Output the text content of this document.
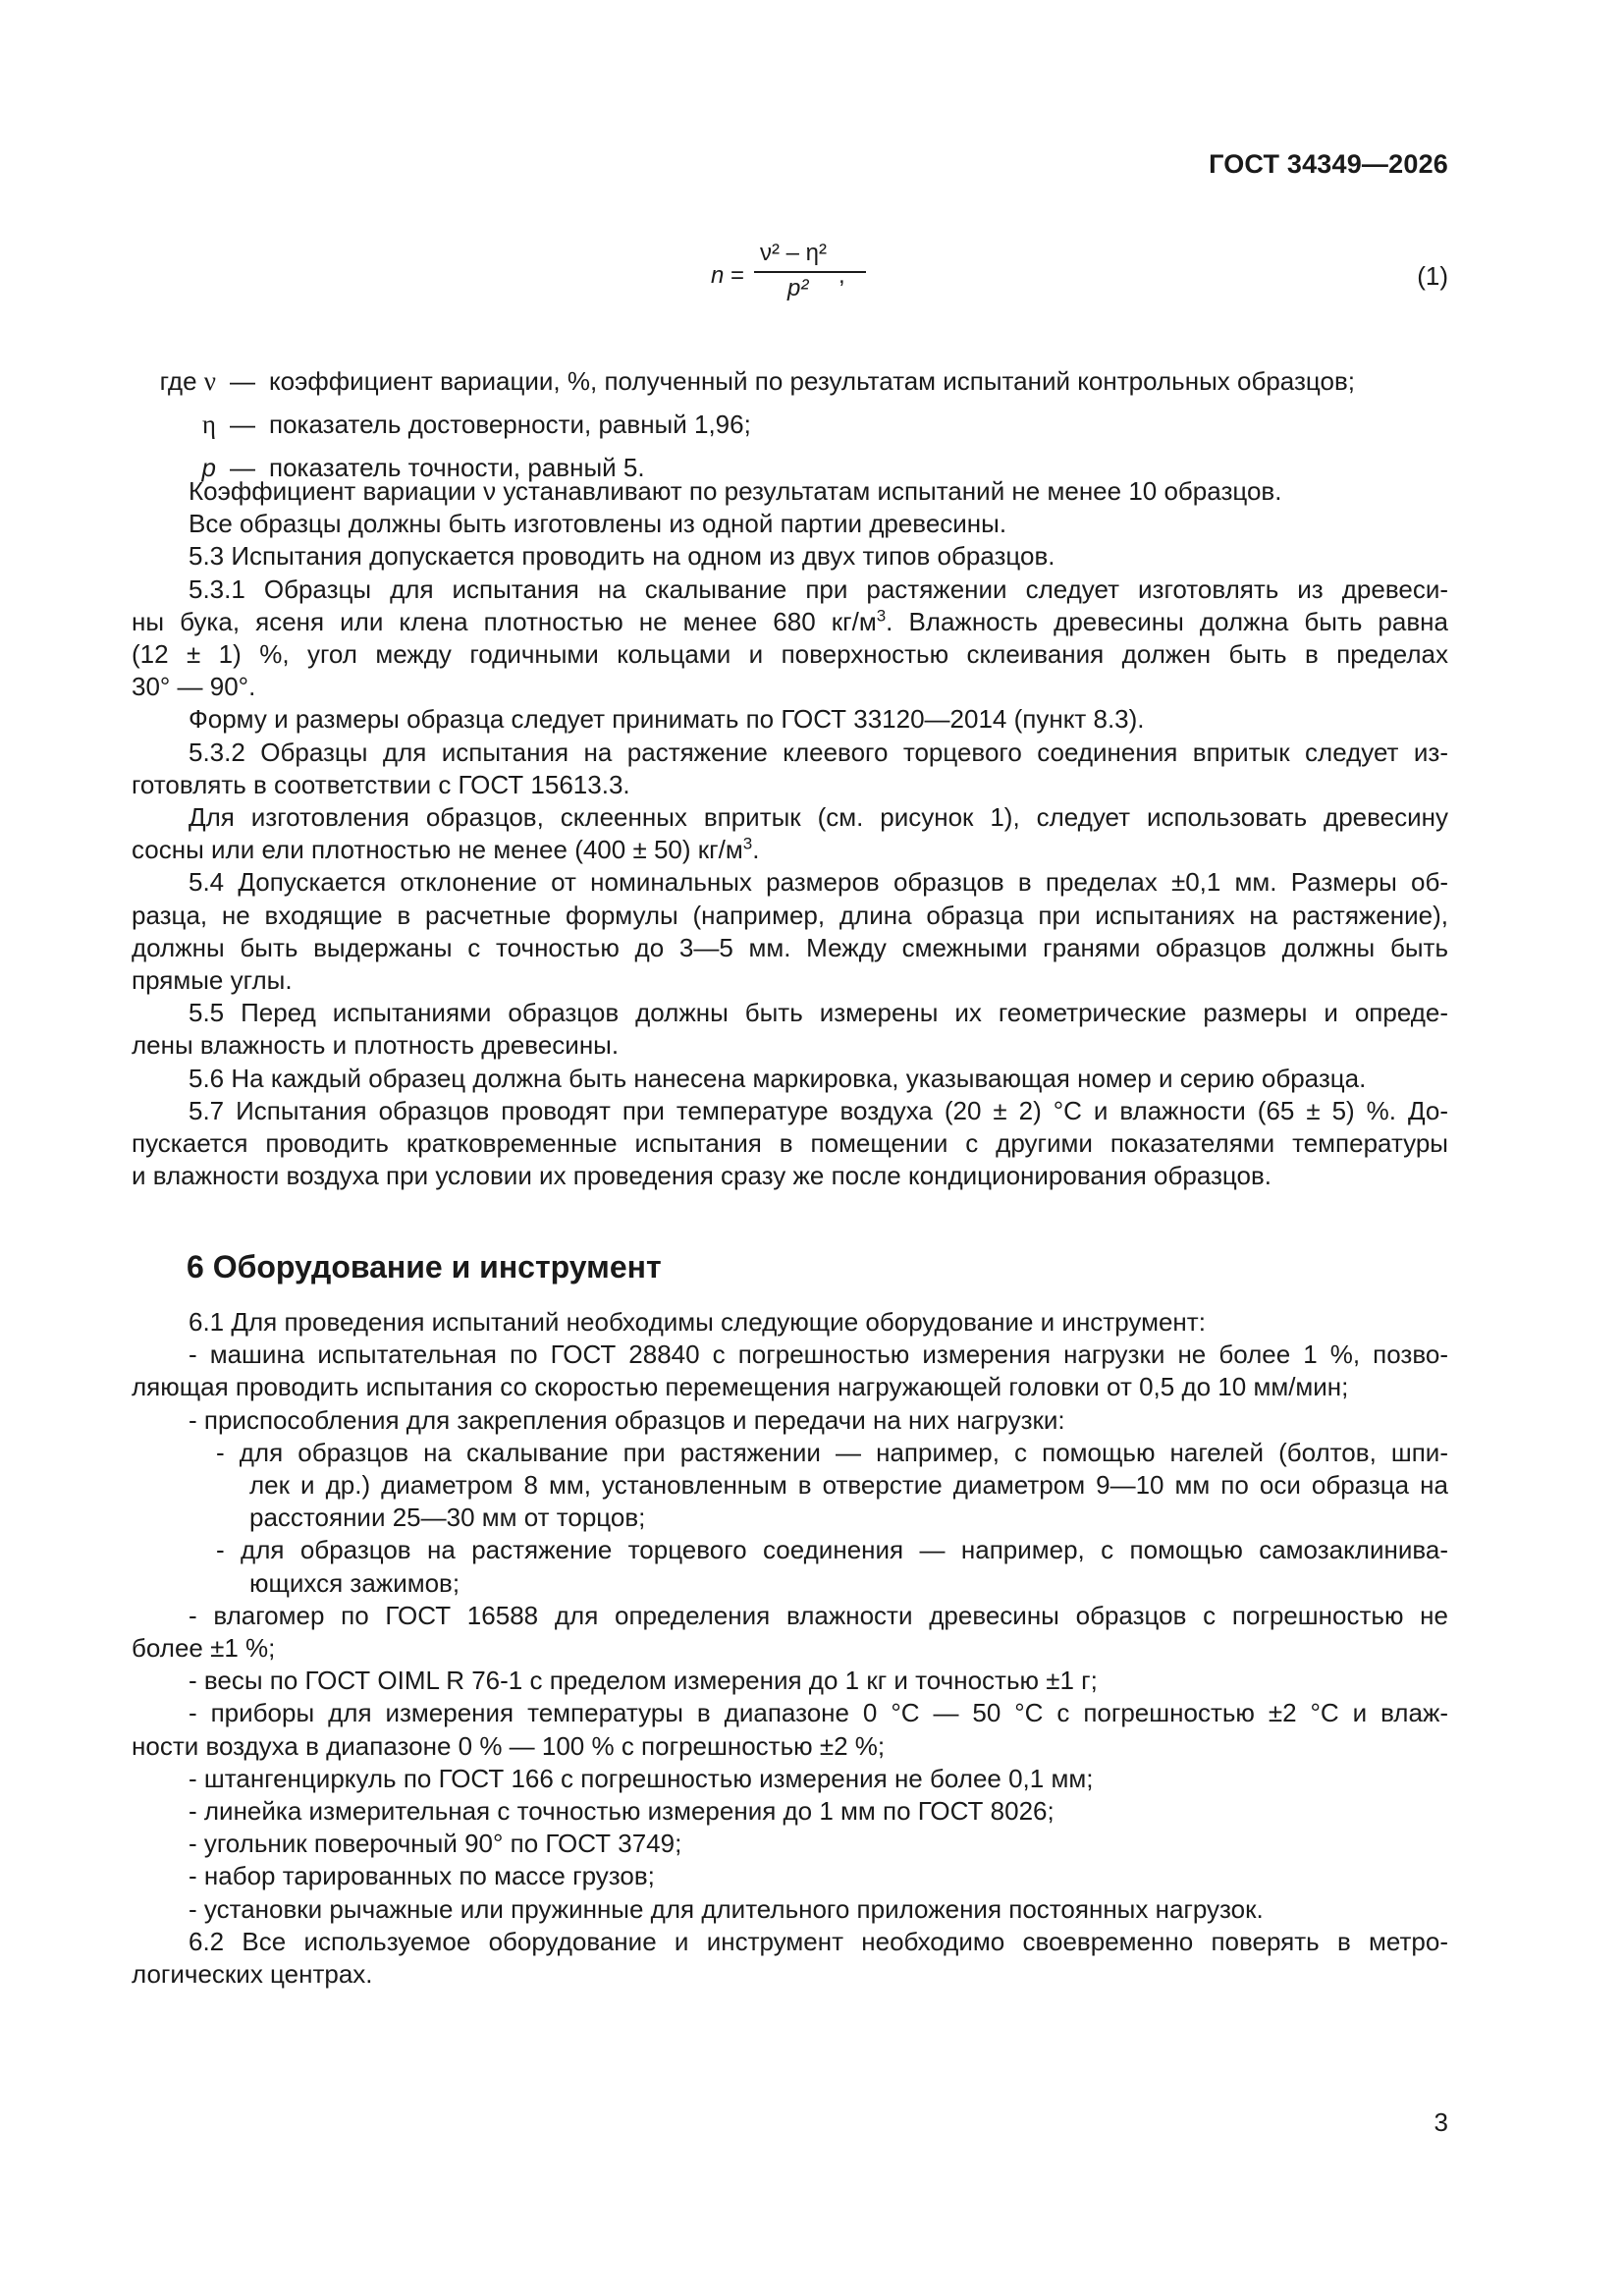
ГОСТ 34349—2026
n =
ν² – η²
p² ,	(1)
где ν — коэффициент вариации, %, полученный по результатам испытаний контрольных образцов;
η — показатель достоверности, равный 1,96;
p — показатель точности, равный 5.

Коэффициент вариации ν устанавливают по результатам испытаний не менее 10 образцов.

Все образцы должны быть изготовлены из одной партии древесины.

5.3 Испытания допускается проводить на одном из двух типов образцов.

5.3.1 Образцы для испытания на скалывание при растяжении следует изготовлять из древеси-

ны бука, ясеня или клена плотностью не менее 680 $кг/м^3$. Влажность древесины должна быть равна

(12 ± 1) %, угол между годичными кольцами и поверхностью склеивания должен быть в пределах

30° — 90°.

Форму и размеры образца следует принимать по ГОСТ 33120—2014 (пункт 8.3).

5.3.2 Образцы для испытания на растяжение клеевого торцевого соединения впритык следует из-

готовлять в соответствии с ГОСТ 15613.3.

Для изготовления образцов, склеенных впритык (см. рисунок 1), следует использовать древесину

сосны или ели плотностью не менее (400 ± 50) $кг/м^3$.

5.4 Допускается отклонение от номинальных размеров образцов в пределах ±0,1 мм. Размеры об-

разца, не входящие в расчетные формулы (например, длина образца при испытаниях на растяжение),

должны быть выдержаны с точностью до 3—5 мм. Между смежными гранями образцов должны быть

прямые углы.

5.5 Перед испытаниями образцов должны быть измерены их геометрические размеры и опреде-

лены влажность и плотность древесины.

5.6 На каждый образец должна быть нанесена маркировка, указывающая номер и серию образца.

5.7 Испытания образцов проводят при температуре воздуха (20 ± 2) °С и влажности (65 ± 5) %. До-

пускается проводить кратковременные испытания в помещении с другими показателями температуры

и влажности воздуха при условии их проведения сразу же после кондиционирования образцов.

6 Оборудование и инструмент

6.1 Для проведения испытаний необходимы следующие оборудование и инструмент:

- машина испытательная по ГОСТ 28840 с погрешностью измерения нагрузки не более 1 %, позво-

ляющая проводить испытания со скоростью перемещения нагружающей головки от 0,5 до 10 мм/мин;

- приспособления для закрепления образцов и передачи на них нагрузки:

- для образцов на скалывание при растяжении — например, с помощью нагелей (болтов, шпи-

лек и др.) диаметром 8 мм, установленным в отверстие диаметром 9—10 мм по оси образца на

расстоянии 25—30 мм от торцов;

- для образцов на растяжение торцевого соединения — например, с помощью самозаклинива-

ющихся зажимов;

- влагомер по ГОСТ 16588 для определения влажности древесины образцов с погрешностью не

более ±1 %;

- весы по ГОСТ OIML R 76-1 с пределом измерения до 1 кг и точностью ±1 г;

- приборы для измерения температуры в диапазоне 0 °С — 50 °С с погрешностью ±2 °С и влаж-

ности воздуха в диапазоне 0 % — 100 % с погрешностью ±2 %;

- штангенциркуль по ГОСТ 166 с погрешностью измерения не более 0,1 мм;

- линейка измерительная с точностью измерения до 1 мм по ГОСТ 8026;

- угольник поверочный 90° по ГОСТ 3749;

- набор тарированных по массе грузов;

- установки рычажные или пружинные для длительного приложения постоянных нагрузок.

6.2 Все используемое оборудование и инструмент необходимо своевременно поверять в метро-

логических центрах.

3
